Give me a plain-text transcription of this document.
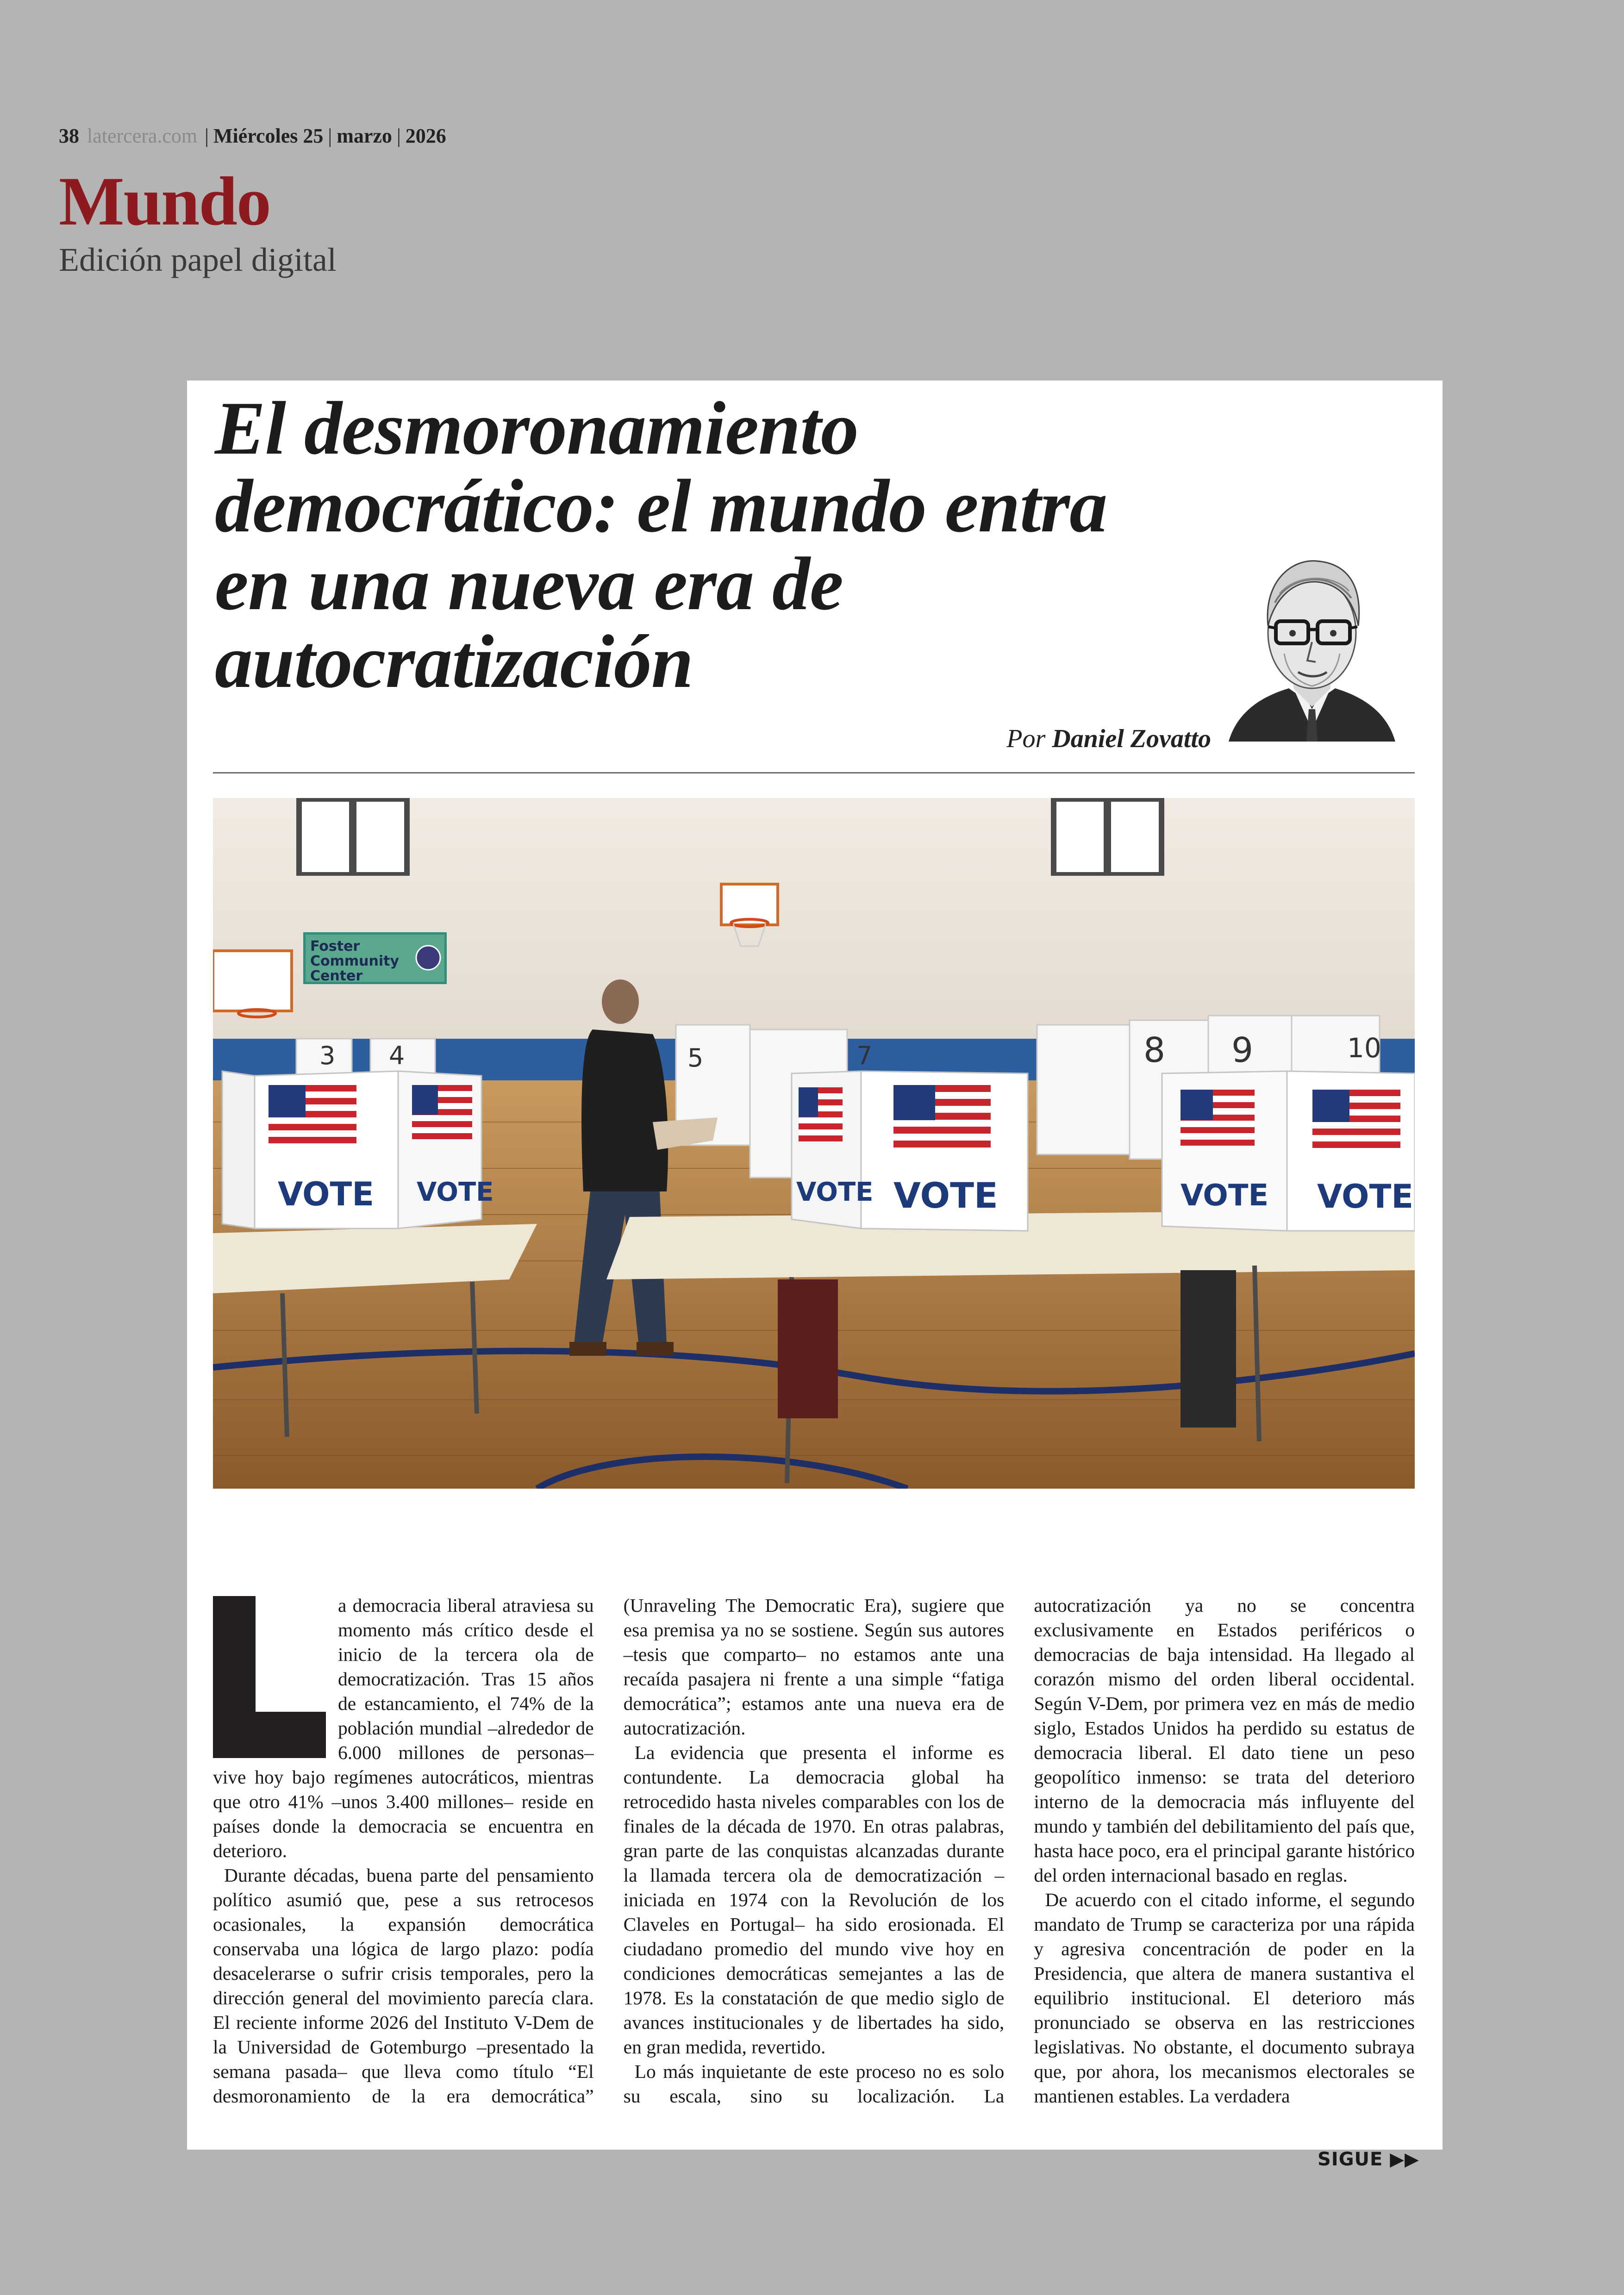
38 latercera.com | Miércoles 25 | marzo | 2026
Mundo
Edición papel digital
El desmoronamiento democrático: el mundo entra en una nueva era de autocratización
Por Daniel Zovatto
Foster
Community
Center
3 4	5	7	8 9	10
VOTE VOTE	VOTE VOTE	VOTE VOTE

a democracia liberal atraviesa su momento más crítico desde el inicio de la tercera ola de democratización. Tras 15 años de estancamiento, el 74% de la población mundial –alrededor de 6.000 millones de personas– vive hoy bajo regímenes autocráticos, mientras que otro 41% –unos 3.400 millones– reside en países donde la democracia se encuentra en deterioro.

Durante décadas, buena parte del pensamiento político asumió que, pese a sus retrocesos ocasionales, la expansión democrática conservaba una lógica de largo plazo: podía desacelerarse o sufrir crisis temporales, pero la dirección general del movimiento parecía clara. El reciente informe 2026 del Instituto V-Dem de la Universidad de Gotemburgo –presentado la semana pasada– que lleva como título “El desmoronamiento de la era democrática” (Unraveling The Democratic Era), sugiere que esa premisa ya no se sostiene. Según sus autores –tesis que comparto– no estamos ante una recaída pasajera ni frente a una simple “fatiga democrática”; estamos ante una nueva era de autocratización.

La evidencia que presenta el informe es contundente. La democracia global ha retrocedido hasta niveles comparables con los de finales de la década de 1970. En otras palabras, gran parte de las conquistas alcanzadas durante la llamada tercera ola de democratización –iniciada en 1974 con la Revolución de los Claveles en Portugal– ha sido erosionada. El ciudadano promedio del mundo vive hoy en condiciones democráticas semejantes a las de 1978. Es la constatación de que medio siglo de avances institucionales y de libertades ha sido, en gran medida, revertido.

Lo más inquietante de este proceso no es solo su escala, sino su localización. La autocratización ya no se concentra exclusivamente en Estados periféricos o democracias de baja intensidad. Ha llegado al corazón mismo del orden liberal occidental. Según V-Dem, por primera vez en más de medio siglo, Estados Unidos ha perdido su estatus de democracia liberal. El dato tiene un peso geopolítico inmenso: se trata del deterioro interno de la democracia más influyente del mundo y también del debilitamiento del país que, hasta hace poco, era el principal garante histórico del orden internacional basado en reglas.

De acuerdo con el citado informe, el segundo mandato de Trump se caracteriza por una rápida y agresiva concentración de poder en la Presidencia, que altera de manera sustantiva el equilibrio institucional. El deterioro más pronunciado se observa en las restricciones legislativas. No obstante, el documento subraya que, por ahora, los mecanismos electorales se mantienen estables. La verdadera

SIGUE ▶▶
